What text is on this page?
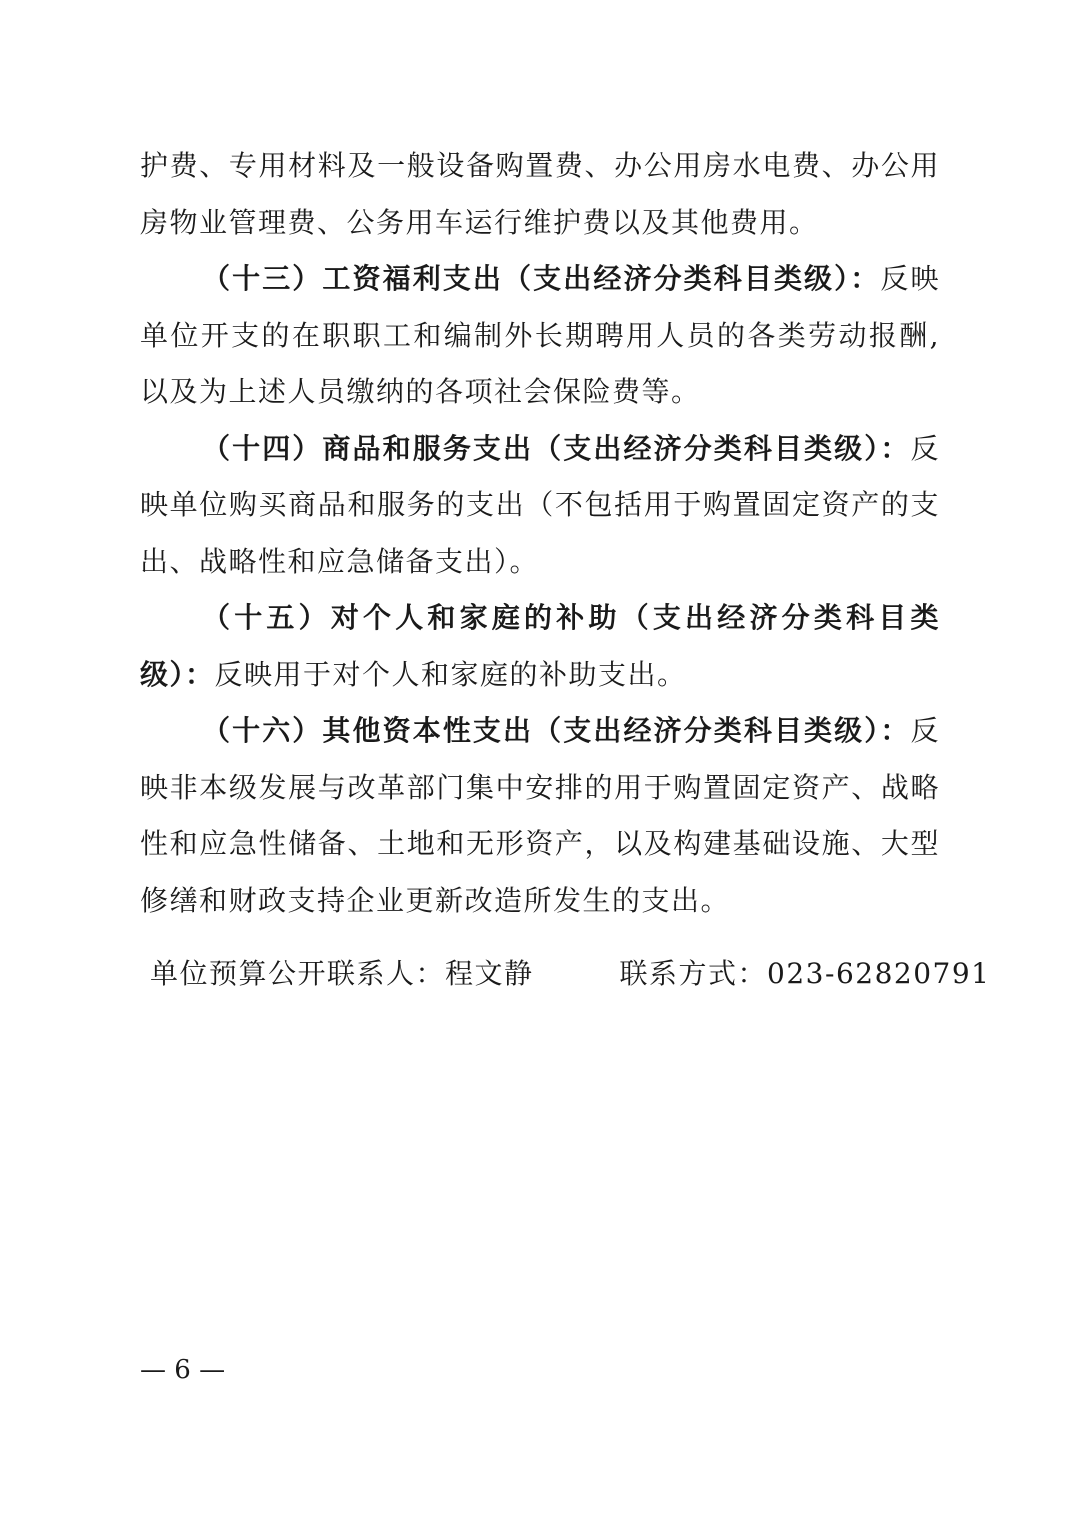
护费、专用材料及一般设备购置费、办公用房水电费、办公用房物业管理费、公务用车运行维护费以及其他费用。

（十三）工资福利支出（支出经济分类科目类级）：反映单位开支的在职职工和编制外长期聘用人员的各类劳动报酬,以及为上述人员缴纳的各项社会保险费等。

（十四）商品和服务支出（支出经济分类科目类级）：反映单位购买商品和服务的支出（不包括用于购置固定资产的支出、战略性和应急储备支出）。

（十五）对个人和家庭的补助（支出经济分类科目类级）：反映用于对个人和家庭的补助支出。

（十六）其他资本性支出（支出经济分类科目类级）：反映非本级发展与改革部门集中安排的用于购置固定资产、战略性和应急性储备、土地和无形资产，以及构建基础设施、大型修缮和财政支持企业更新改造所发生的支出。

单位预算公开联系人：程文静	联系方式：023-62820791
— 6 —
